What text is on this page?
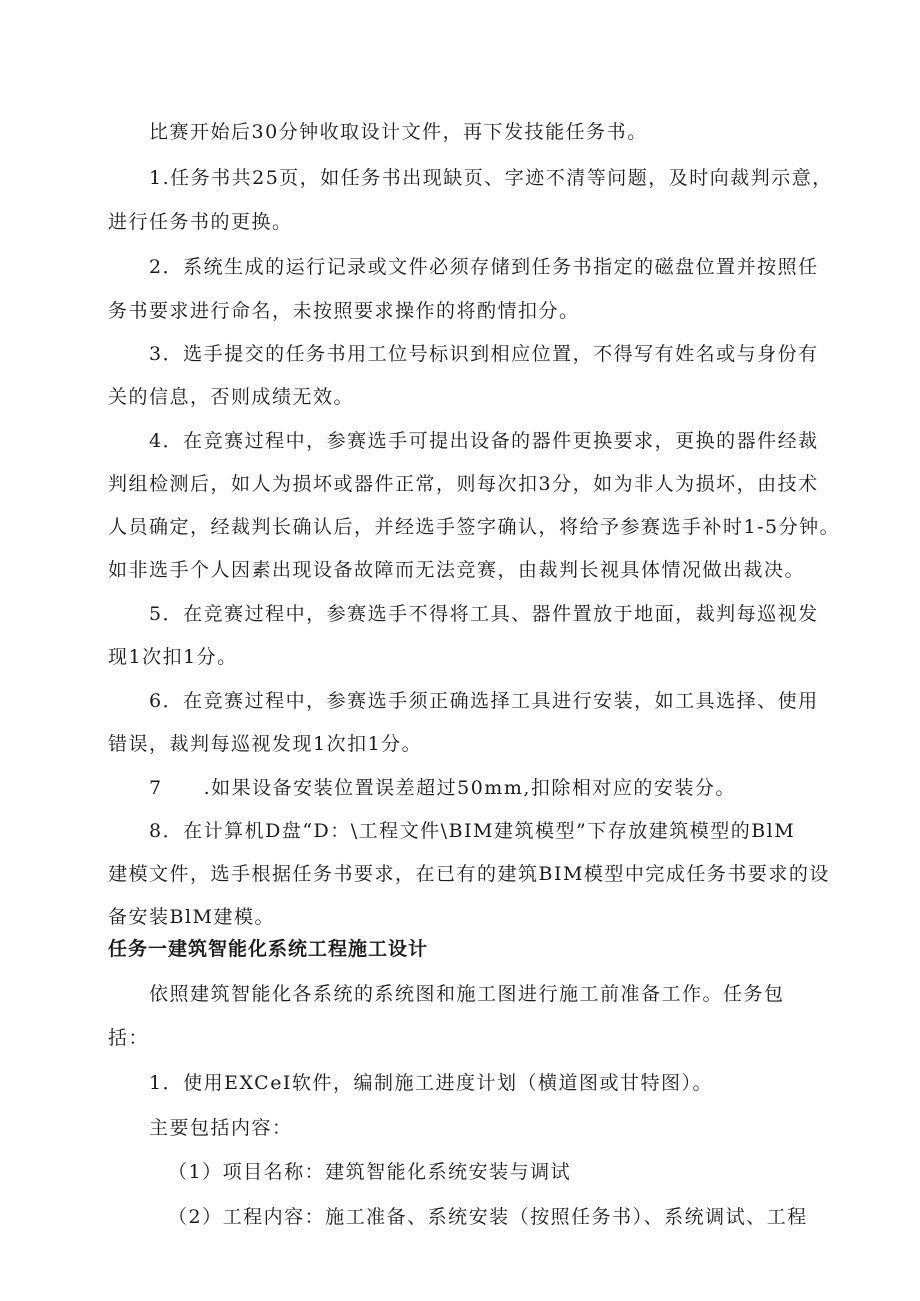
比赛开始后30分钟收取设计文件，再下发技能任务书。
1.任务书共25页，如任务书出现缺页、字迹不清等问题，及时向裁判示意，
进行任务书的更换。
2．系统生成的运行记录或文件必须存储到任务书指定的磁盘位置并按照任
务书要求进行命名，未按照要求操作的将酌情扣分。
3．选手提交的任务书用工位号标识到相应位置，不得写有姓名或与身份有
关的信息，否则成绩无效。
4．在竞赛过程中，参赛选手可提出设备的器件更换要求，更换的器件经裁
判组检测后，如人为损坏或器件正常，则每次扣3分，如为非人为损坏，由技术
人员确定，经裁判长确认后，并经选手签字确认，将给予参赛选手补时1-5分钟。
如非选手个人因素出现设备故障而无法竞赛，由裁判长视具体情况做出裁决。
5．在竞赛过程中，参赛选手不得将工具、器件置放于地面，裁判每巡视发
现1次扣1分。
6．在竞赛过程中，参赛选手须正确选择工具进行安装，如工具选择、使用
错误，裁判每巡视发现1次扣1分。
7　　.如果设备安装位置误差超过50mm,扣除相对应的安装分。
8．在计算机D盘“D：\工程文件\BIM建筑模型”下存放建筑模型的BlM
建模文件，选手根据任务书要求，在已有的建筑BIM模型中完成任务书要求的设
备安装BlM建模。
任务一建筑智能化系统工程施工设计
依照建筑智能化各系统的系统图和施工图进行施工前准备工作。任务包
括：
1．使用EXCeI软件，编制施工进度计划（横道图或甘特图）。
主要包括内容：
（1）项目名称：建筑智能化系统安装与调试
（2）工程内容：施工准备、系统安装（按照任务书）、系统调试、工程
